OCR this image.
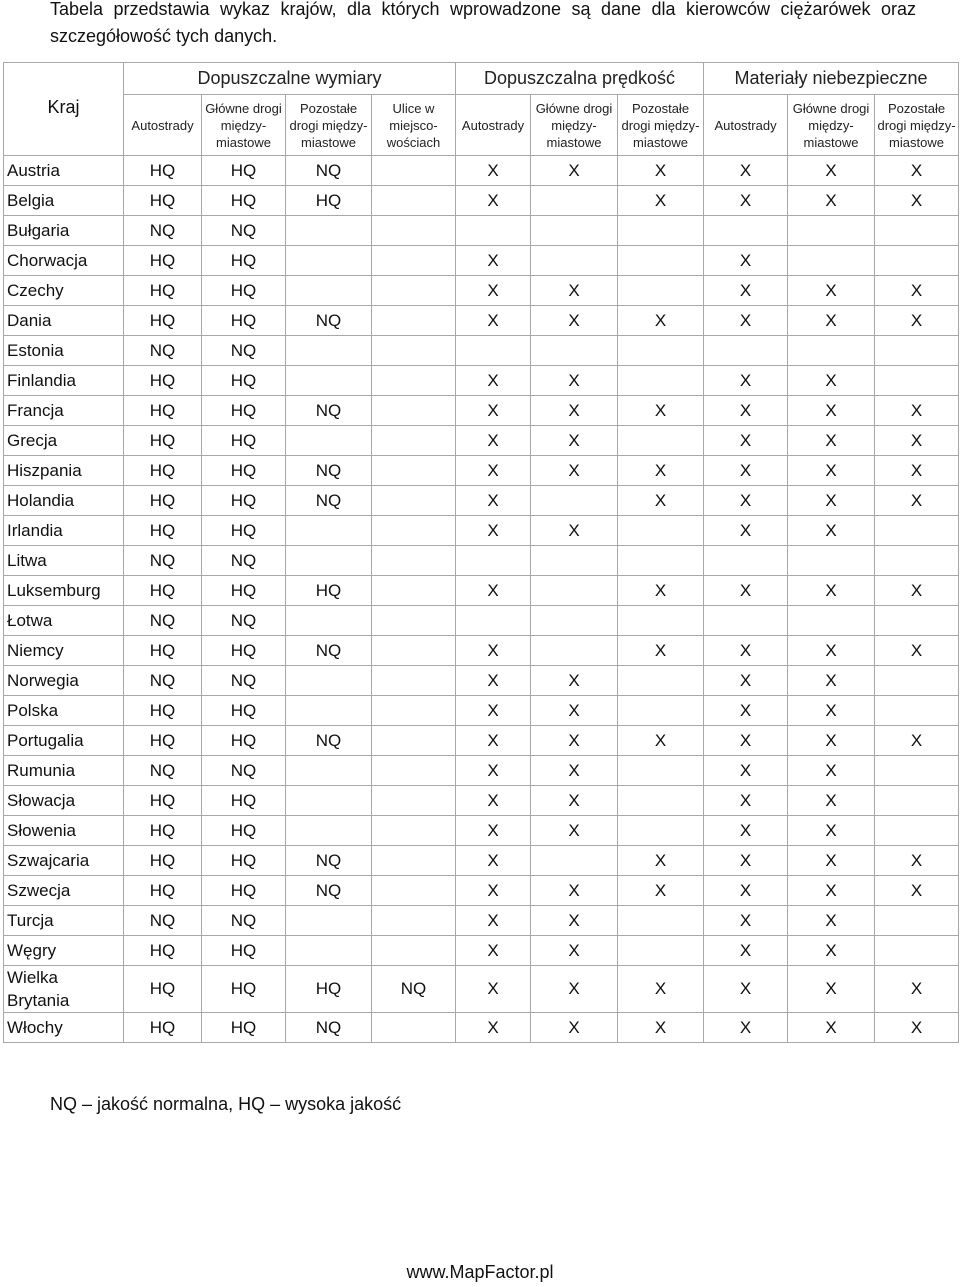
Tabela przedstawia wykaz krajów, dla których wprowadzone są dane dla kierowców ciężarówek oraz szczegółowość tych danych.
Kraj	Dopuszczalne wymiary				Dopuszczalna prędkość			Materiały niebezpieczne		
	Autostrady	Główne drogi między-miastowe	Pozostałe drogi między-miastowe	Ulice w miejsco-wościach	Autostrady	Główne drogi między-miastowe	Pozostałe drogi między-miastowe	Autostrady	Główne drogi między-miastowe	Pozostałe drogi między-miastowe
Austria	HQ	HQ	NQ		X	X	X	X	X	X
Belgia	HQ	HQ	HQ		X		X	X	X	X
Bułgaria	NQ	NQ								
Chorwacja	HQ	HQ			X			X		
Czechy	HQ	HQ			X	X		X	X	X
Dania	HQ	HQ	NQ		X	X	X	X	X	X
Estonia	NQ	NQ								
Finlandia	HQ	HQ			X	X		X	X	
Francja	HQ	HQ	NQ		X	X	X	X	X	X
Grecja	HQ	HQ			X	X		X	X	X
Hiszpania	HQ	HQ	NQ		X	X	X	X	X	X
Holandia	HQ	HQ	NQ		X		X	X	X	X
Irlandia	HQ	HQ			X	X		X	X	
Litwa	NQ	NQ								
Luksemburg	HQ	HQ	HQ		X		X	X	X	X
Łotwa	NQ	NQ								
Niemcy	HQ	HQ	NQ		X		X	X	X	X
Norwegia	NQ	NQ			X	X		X	X	
Polska	HQ	HQ			X	X		X	X	
Portugalia	HQ	HQ	NQ		X	X	X	X	X	X
Rumunia	NQ	NQ			X	X		X	X	
Słowacja	HQ	HQ			X	X		X	X	
Słowenia	HQ	HQ			X	X		X	X	
Szwajcaria	HQ	HQ	NQ		X		X	X	X	X
Szwecja	HQ	HQ	NQ		X	X	X	X	X	X
Turcja	NQ	NQ			X	X		X	X	
Węgry	HQ	HQ			X	X		X	X	
Wielka Brytania	HQ	HQ	HQ	NQ	X	X	X	X	X	X
Włochy	HQ	HQ	NQ		X	X	X	X	X	X
NQ – jakość normalna, HQ – wysoka jakość
www.MapFactor.pl
